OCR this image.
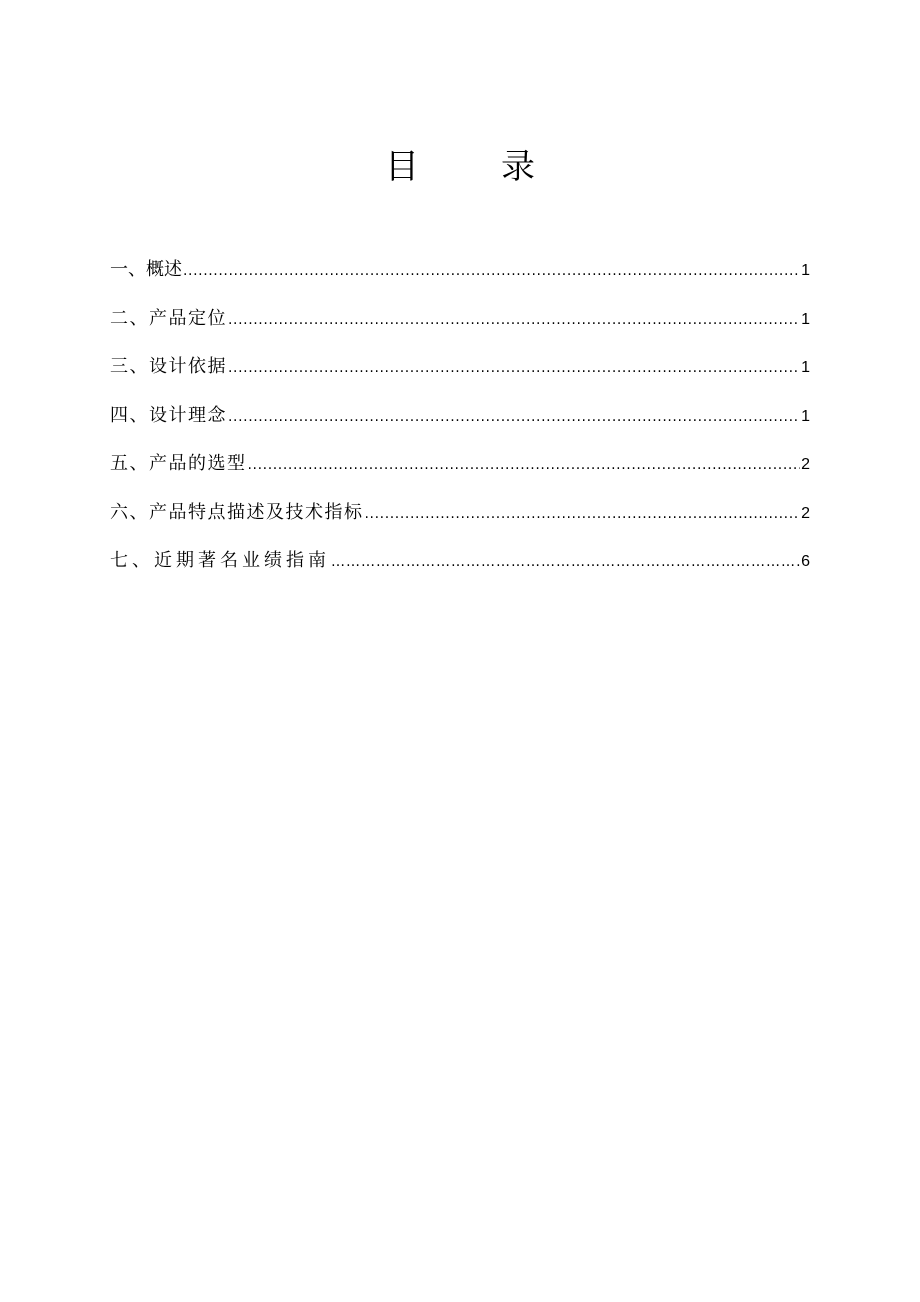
目 录
一、概述 .....	1
二、产品定位 .....	1
三、设计依据 .....	1
四、设计理念 .....	1
五、产品的选型 .....	2
六、产品特点描述及技术指标 .....	2
七、近期著名业绩指南 ……………………………………………………………………………………………………………………………………	6
